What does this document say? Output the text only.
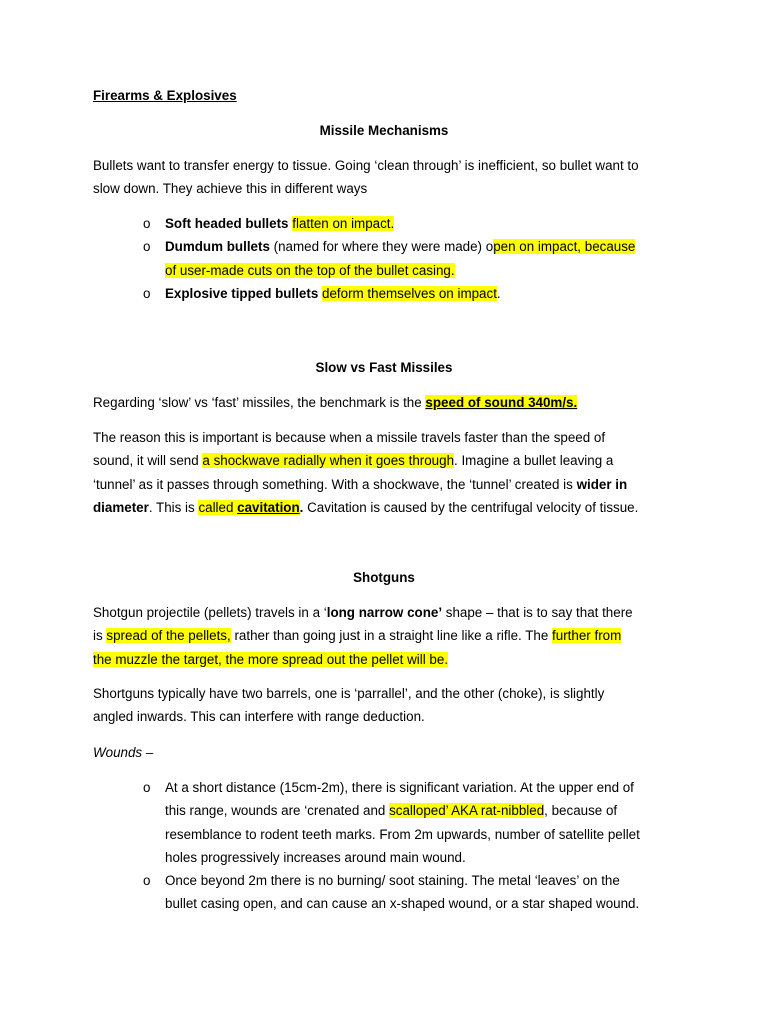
Firearms & Explosives

Missile Mechanisms

Bullets want to transfer energy to tissue. Going ‘clean through’ is inefficient, so bullet want to
slow down. They achieve this in different ways

o Soft headed bullets flatten on impact.
o Dumdum bullets (named for where they were made) open on impact, because
of user-made cuts on the top of the bullet casing.
o Explosive tipped bullets deform themselves on impact.

Slow vs Fast Missiles

Regarding ‘slow’ vs ‘fast’ missiles, the benchmark is the speed of sound 340m/s.

The reason this is important is because when a missile travels faster than the speed of
sound, it will send a shockwave radially when it goes through. Imagine a bullet leaving a
‘tunnel’ as it passes through something. With a shockwave, the ‘tunnel’ created is wider in
diameter. This is called cavitation. Cavitation is caused by the centrifugal velocity of tissue.

Shotguns

Shotgun projectile (pellets) travels in a ‘long narrow cone’ shape – that is to say that there
is spread of the pellets, rather than going just in a straight line like a rifle. The further from
the muzzle the target, the more spread out the pellet will be.

Shortguns typically have two barrels, one is ‘parrallel’, and the other (choke), is slightly
angled inwards. This can interfere with range deduction.

Wounds –

o At a short distance (15cm-2m), there is significant variation. At the upper end of
this range, wounds are ‘crenated and scalloped’ AKA rat-nibbled, because of
resemblance to rodent teeth marks. From 2m upwards, number of satellite pellet
holes progressively increases around main wound.
o Once beyond 2m there is no burning/ soot staining. The metal ‘leaves’ on the
bullet casing open, and can cause an x-shaped wound, or a star shaped wound.
